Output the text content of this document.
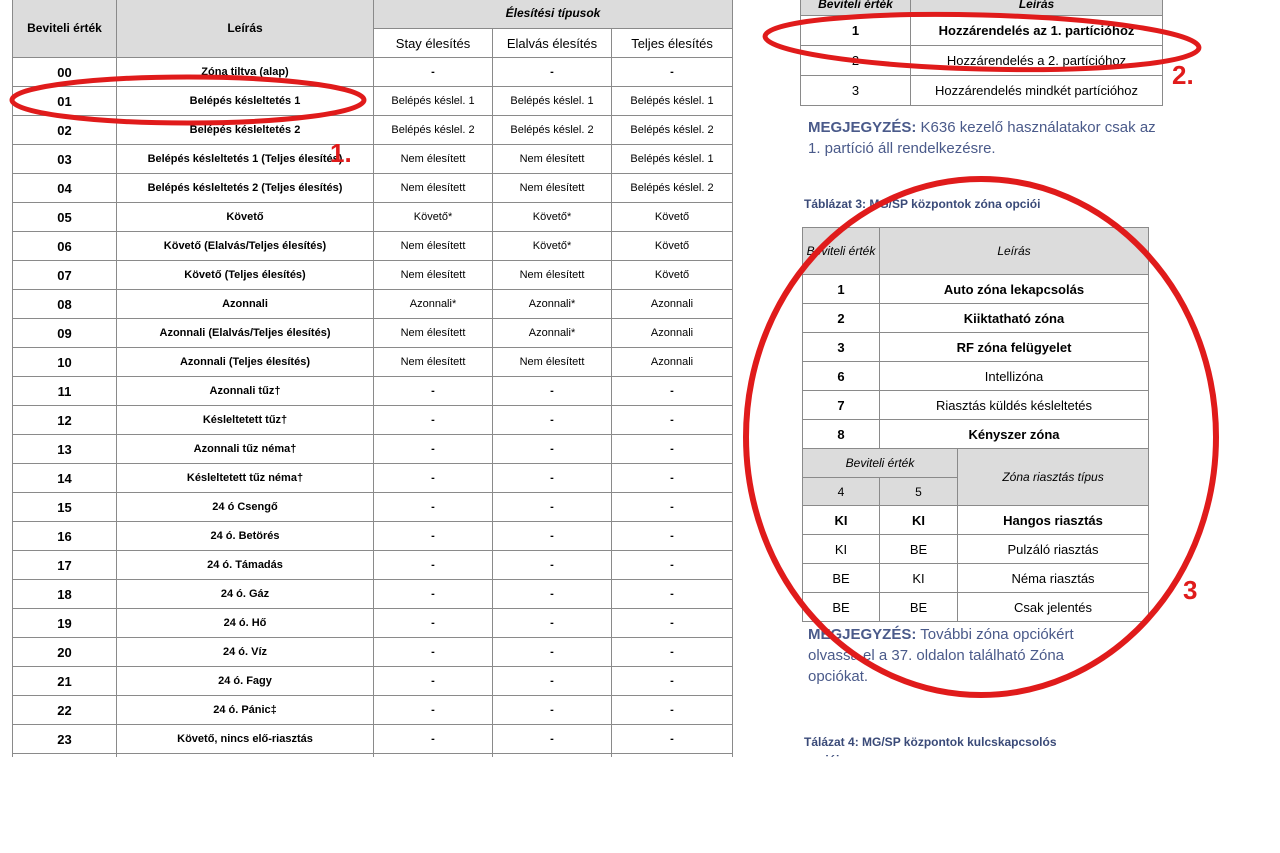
Beviteli érték	Leírás	Élesítési típusok		
		Stay élesítés	Elalvás élesítés	Teljes élesítés
00	Zóna tiltva (alap)	-	-	-
01	Belépés késleltetés 1	Belépés késlel. 1	Belépés késlel. 1	Belépés késlel. 1
02	Belépés késleltetés 2	Belépés késlel. 2	Belépés késlel. 2	Belépés késlel. 2
03	Belépés késleltetés 1 (Teljes élesítés)	Nem élesített	Nem élesített	Belépés késlel. 1
04	Belépés késleltetés 2 (Teljes élesítés)	Nem élesített	Nem élesített	Belépés késlel. 2
05	Követő	Követő*	Követő*	Követő
06	Követő (Elalvás/Teljes élesítés)	Nem élesített	Követő*	Követő
07	Követő (Teljes élesítés)	Nem élesített	Nem élesített	Követő
08	Azonnali	Azonnali*	Azonnali*	Azonnali
09	Azonnali (Elalvás/Teljes élesítés)	Nem élesített	Azonnali*	Azonnali
10	Azonnali (Teljes élesítés)	Nem élesített	Nem élesített	Azonnali
11	Azonnali tűz†	-	-	-
12	Késleltetett tűz†	-	-	-
13	Azonnali tűz néma†	-	-	-
14	Késleltetett tűz néma†	-	-	-
15	24 ó Csengő	-	-	-
16	24 ó. Betörés	-	-	-
17	24 ó. Támadás	-	-	-
18	24 ó. Gáz	-	-	-
19	24 ó. Hő	-	-	-
20	24 ó. Víz	-	-	-
21	24 ó. Fagy	-	-	-
22	24 ó. Pánic‡	-	-	-
23	Követő, nincs elő-riasztás	-	-	-

Beviteli érték	Leírás
1	Hozzárendelés az 1. partícióhoz
2	Hozzárendelés a 2. partícióhoz
3	Hozzárendelés mindkét partícióhoz
MEGJEGYZÉS: K636 kezelő használatakor csak az 1. partíció áll rendelkezésre.
Táblázat 3: MG/SP központok zóna opciói
Beviteli érték	Leírás	
1	Auto zóna lekapcsolás	
2	Kiiktatható zóna	
3	RF zóna felügyelet	
6	Intellizóna	
7	Riasztás küldés késleltetés	
8	Kényszer zóna	
Beviteli érték		Zóna riasztás típus
4	5	
KI	KI	Hangos riasztás
KI	BE	Pulzáló riasztás
BE	KI	Néma riasztás
BE	BE	Csak jelentés
MEGJEGYZÉS: További zóna opciókért olvassa el a 37. oldalon található Zóna opciókat.
Tálázat 4: MG/SP központok kulcskapcsolós
1.
2.
3
